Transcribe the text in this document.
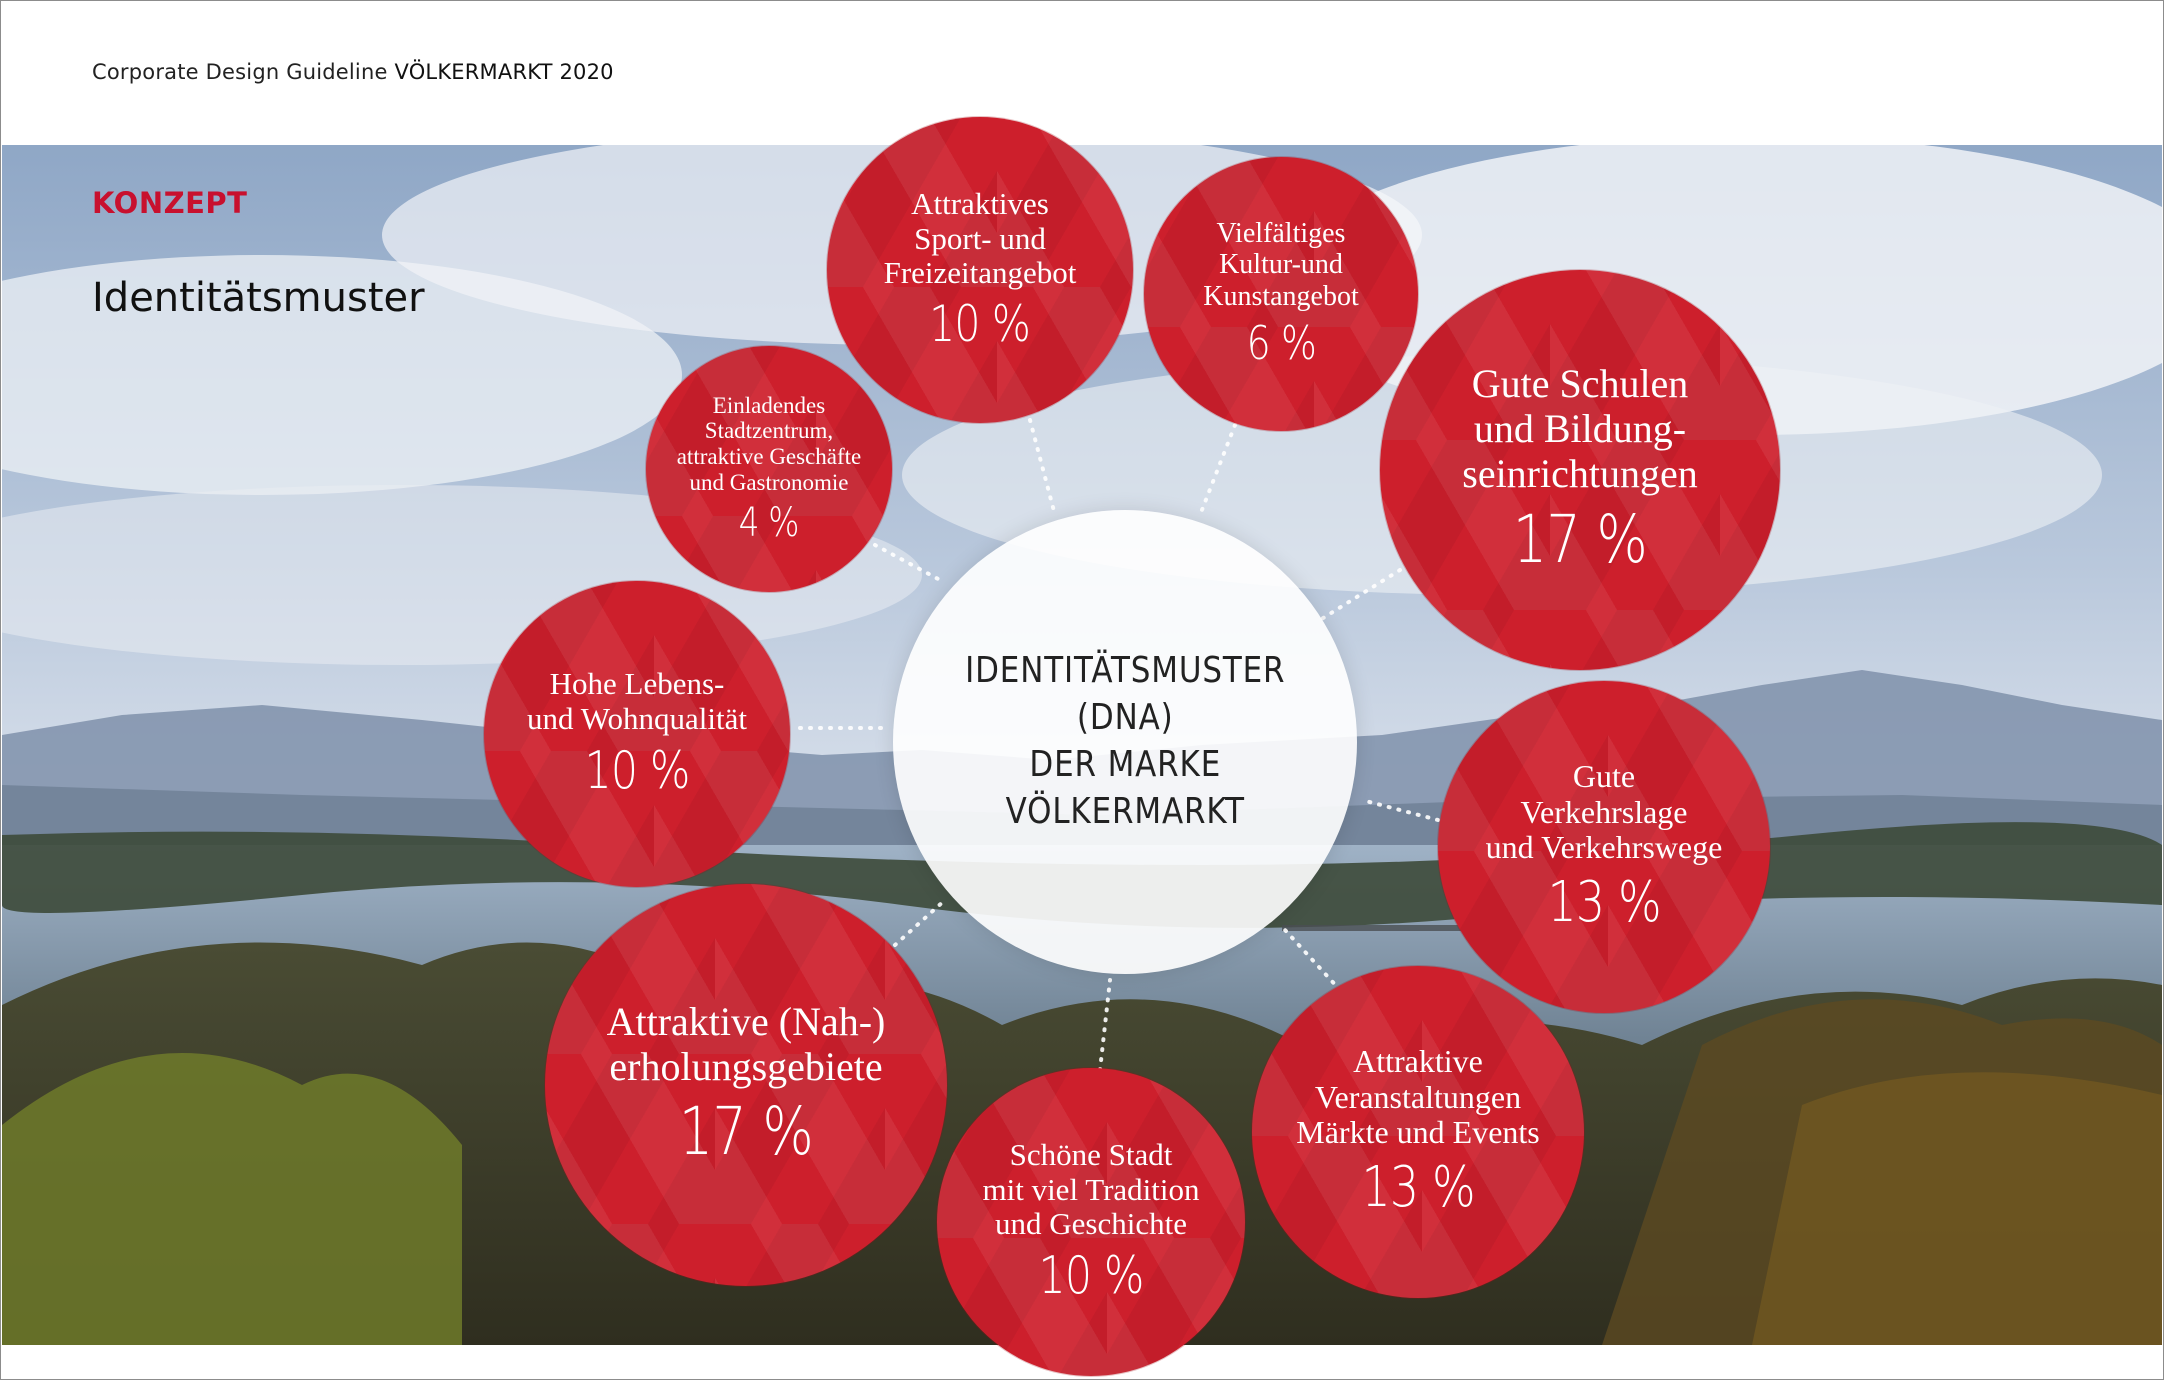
Corporate Design Guideline VÖLKERMARKT 2020
KONZEPT
Identitätsmuster
IDENTITÄTSMUSTER
(DNA)
DER MARKE
VÖLKERMARKT
Attraktives
Sport- und
Freizeitangebot
10 %
Vielfältiges
Kultur-und
Kunstangebot
6 %
Gute Schulen
und Bildung-
seinrichtungen
17 %
Einladendes
Stadtzentrum,
attraktive Geschäfte
und Gastronomie
4 %
Hohe Lebens-
und Wohnqualität
10 %	Gute
Verkehrslage
und Verkehrswege
13 %
Attraktive (Nah-)
erholungsgebiete
17 %
Attraktive
Veranstaltungen
Märkte und Events
13 %
Schöne Stadt
mit viel Tradition
und Geschichte
10 %
